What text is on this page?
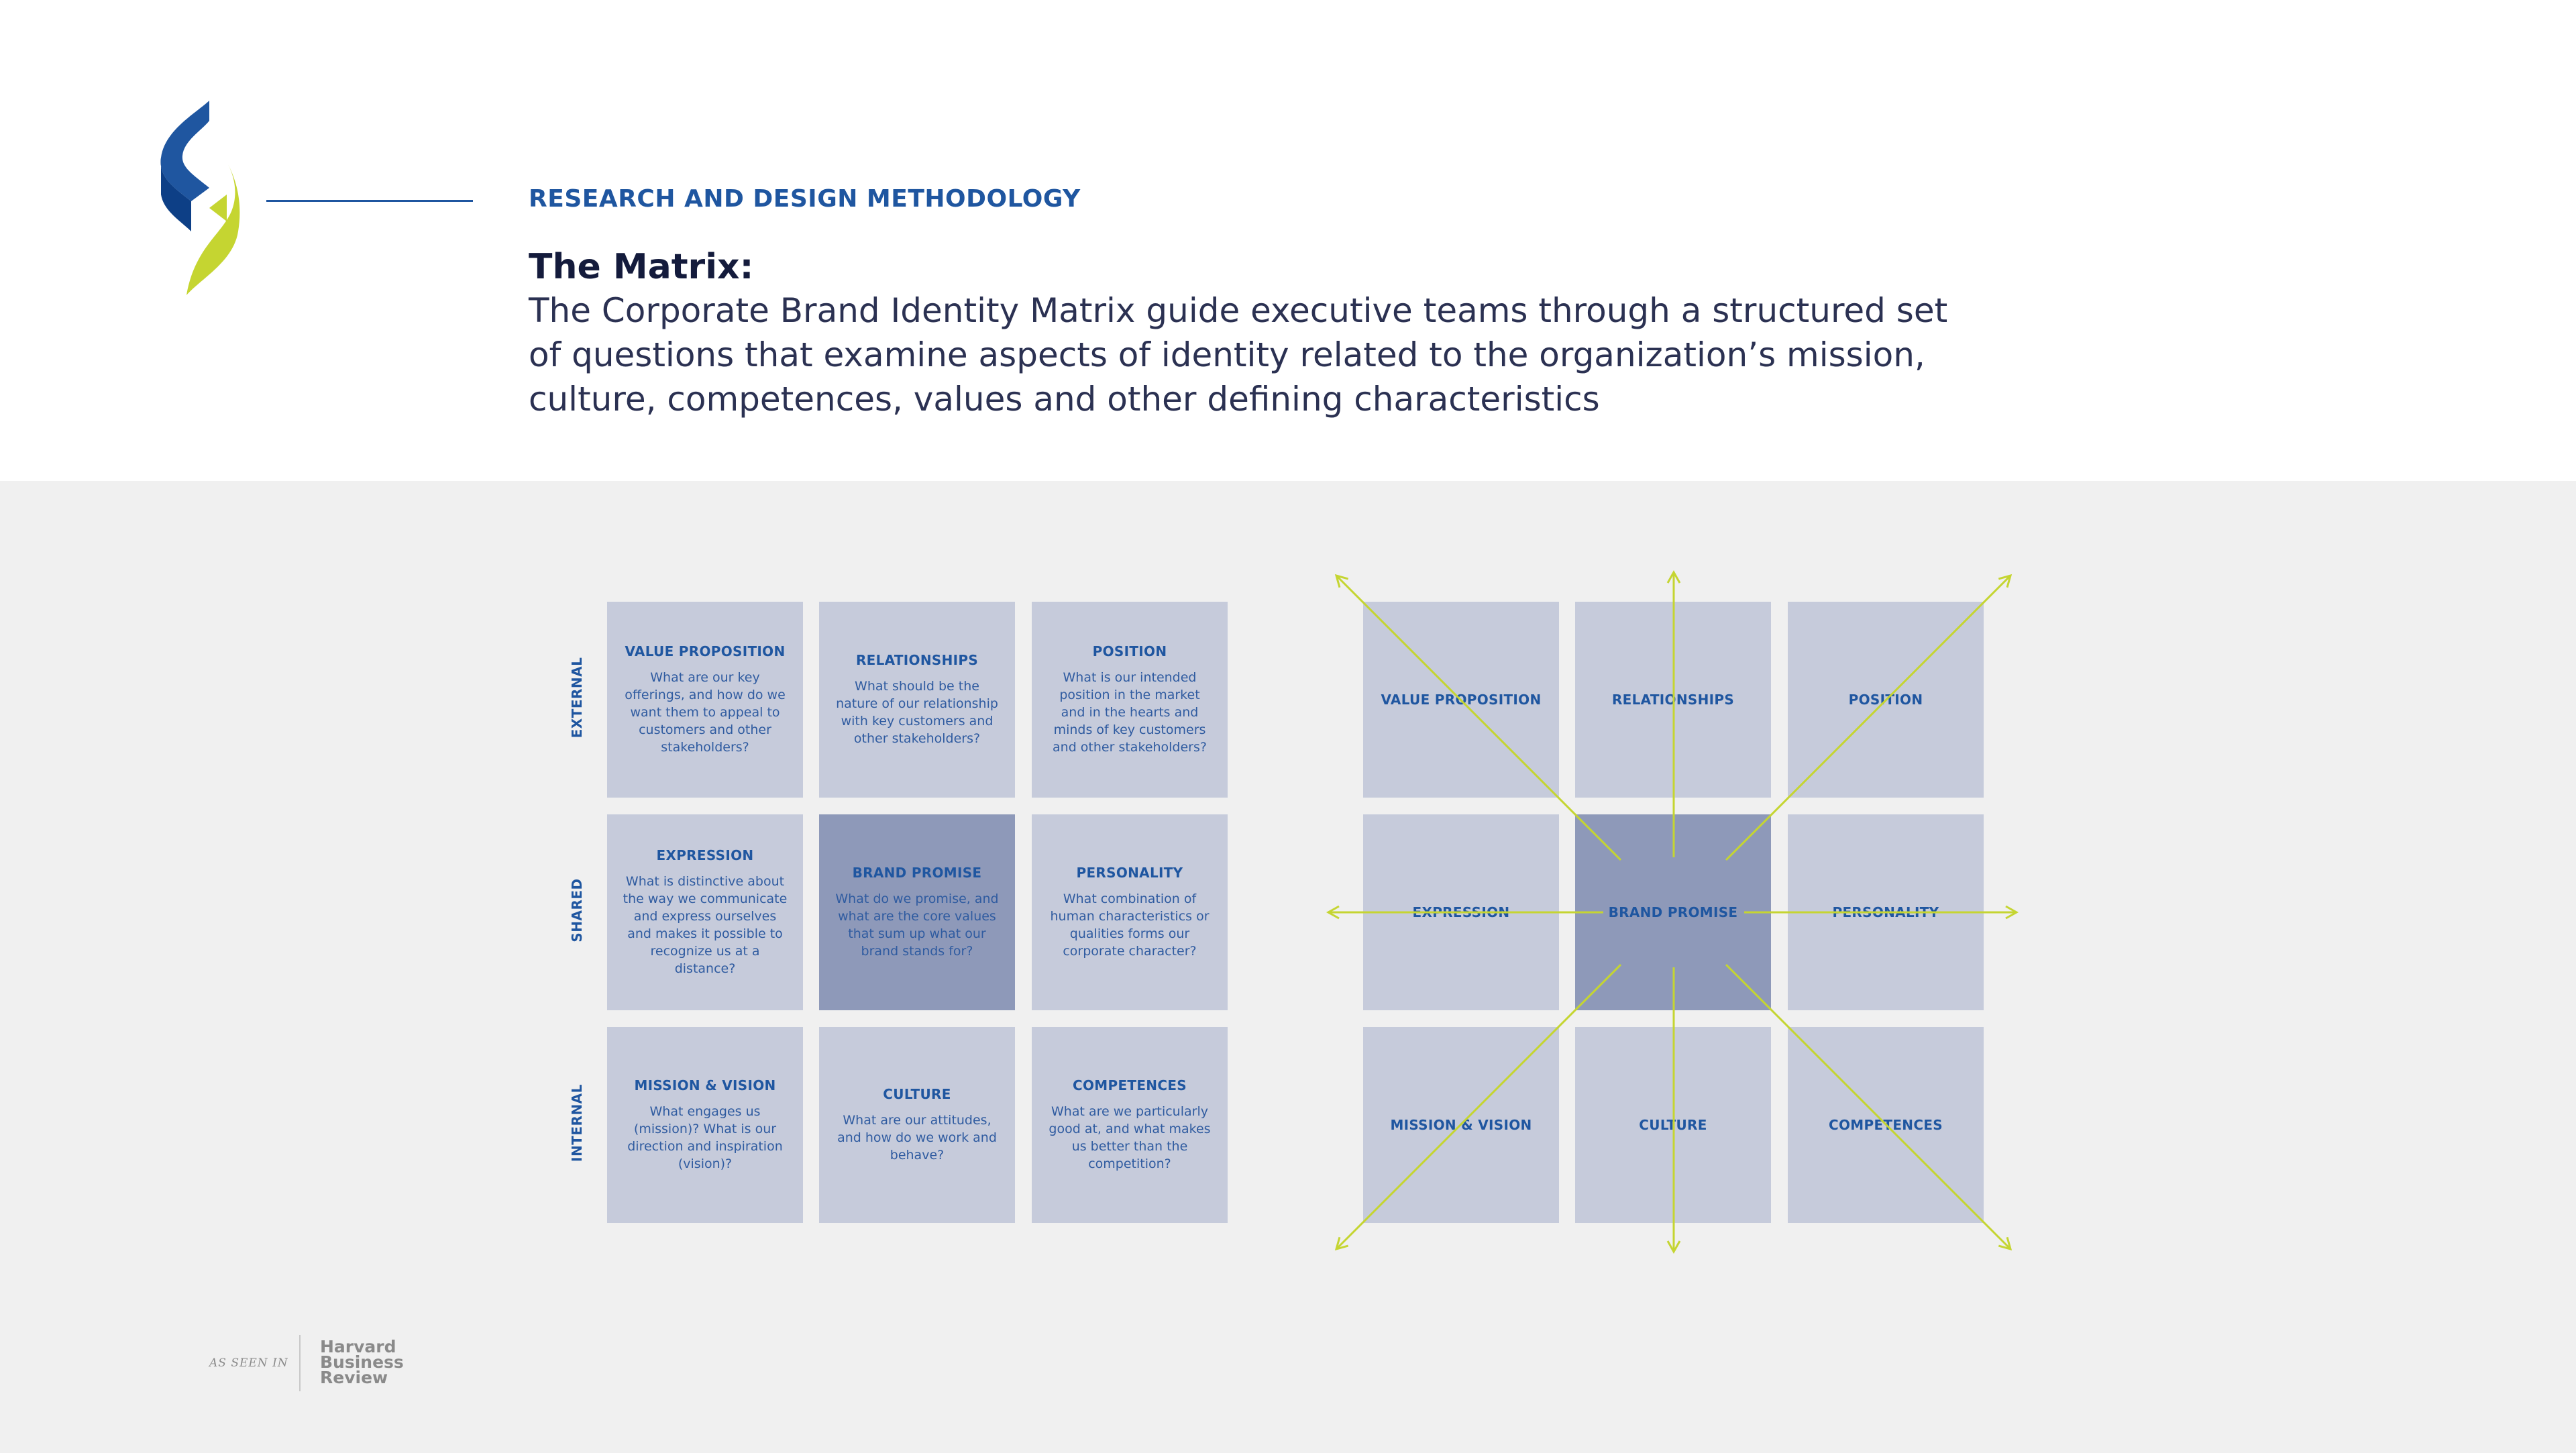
RESEARCH AND DESIGN METHODOLOGY
The Matrix:
The Corporate Brand Identity Matrix guide executive teams through a structured set of questions that examine aspects of identity related to the organization’s mission, culture, competences, values and other defining characteristics
EXTERNAL
SHARED
INTERNAL
VALUE PROPOSITION
What are our key offerings, and how do we want them to appeal to customers and other stakeholders?
RELATIONSHIPS
What should be the nature of our relationship with key customers and other stakeholders?
POSITION
What is our intended position in the market and in the hearts and minds of key customers and other stakeholders?
EXPRESSION
What is distinctive about the way we communicate and express ourselves and makes it possible to recognize us at a distance?
BRAND PROMISE
What do we promise, and what are the core values that sum up what our brand stands for?
PERSONALITY
What combination of human characteristics or qualities forms our corporate character?
MISSION & VISION
What engages us (mission)? What is our direction and inspiration (vision)?
CULTURE
What are our attitudes, and how do we work and behave?
COMPETENCES
What are we particularly good at, and what makes us better than the competition?
VALUE PROPOSITION	RELATIONSHIPS	POSITION
EXPRESSION	BRAND PROMISE	PERSONALITY
MISSION & VISION	CULTURE	COMPETENCES
AS SEEN IN
Harvard
Business
Review
